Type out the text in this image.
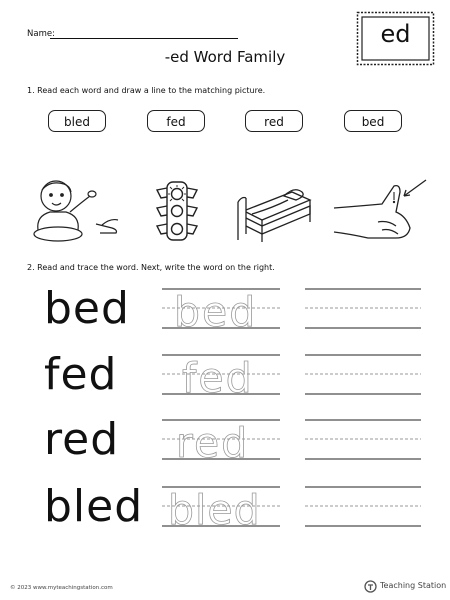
Name:
-ed Word Family
ed
1. Read each word and draw a line to the matching picture.
bled	fed	red	bed
2. Read and trace the word. Next, write the word on the right.
bed bed
fed fed
red red
bled bled
© 2023 www.myteachingstation.com	Teaching Station
